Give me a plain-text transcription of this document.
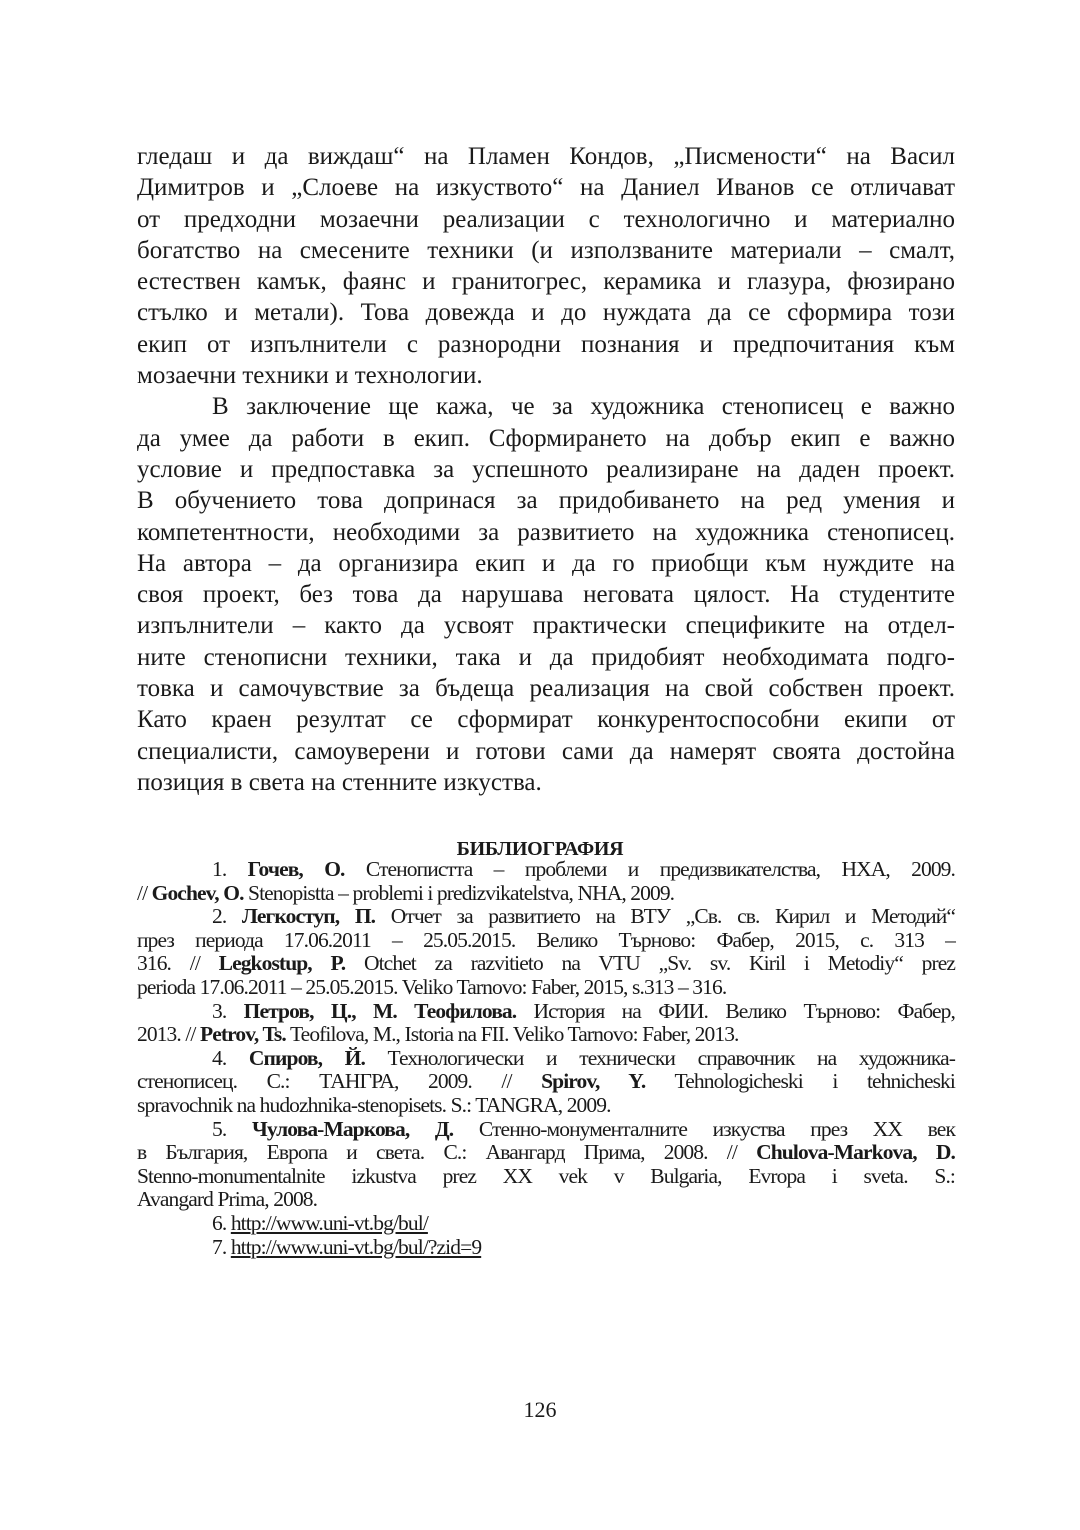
гледаш и да виждаш“ на Пламен Кондов, „Писмености“ на Васил
Димитров и „Слоеве на изкуството“ на Даниел Иванов се отличават
от предходни мозаечни реализации с технологично и материално
богатство на смесените техники (и използваните материали – смалт,
естествен камък, фаянс и гранитогрес, керамика и глазура, фюзирано
стълко и метали). Това довежда и до нуждата да се сформира този
екип от изпълнители с разнородни познания и предпочитания към
мозаечни техники и технологии.
В заключение ще кажа, че за художника стенописец е важно
да умее да работи в екип. Сформирането на добър екип е важно
условие и предпоставка за успешното реализиране на даден проект.
В обучението това допринася за придобиването на ред умения и
компетентности, необходими за развитието на художника стенописец.
На автора – да организира екип и да го приобщи към нуждите на
своя проект, без това да нарушава неговата цялост. На студентите
изпълнители – както да усвоят практически спецификите на отдел-
ните стенописни техники, така и да придобият необходимата подго-
товка и самочувствие за бъдеща реализация на свой собствен проект.
Като краен резултат се сформират конкурентоспособни екипи от
специалисти, самоуверени и готови сами да намерят своята достойна
позиция в света на стенните изкуства.
БИБЛИОГРАФИЯ
1. Гочев, О. Стенопистта – проблеми и предизвикателства, НХА, 2009.
// Gochev, O. Stenopistta – problemi i predizvikatelstva, NHA, 2009.
2. Легкоступ, П. Отчет за развитието на ВТУ „Св. св. Кирил и Методий“
през периода 17.06.2011 – 25.05.2015. Велико Търново: Фабер, 2015, с. 313 –
316. // Legkostup, P. Otchet za razvitieto na VTU „Sv. sv. Kiril i Metodiy“ prez
perioda 17.06.2011 – 25.05.2015. Veliko Tarnovo: Faber, 2015, s.313 – 316.
3. Петров, Ц., М. Теофилова. История на ФИИ. Велико Търново: Фабер,
2013. // Petrov, Ts. Teofilova, M., Istoria na FII. Veliko Tarnovo: Faber, 2013.
4. Спиров, Й. Технологически и технически справочник на художника-
стенописец. С.: ТАНГРА, 2009. // Spirov, Y. Tehnologicheski i tehnicheski
spravochnik na hudozhnika-stenopisets. S.: TANGRA, 2009.
5. Чулова-Маркова, Д. Стенно-монументалните изкуства през XX век
в България, Европа и света. С.: Авангард Прима, 2008. // Chulova-Markova, D.
Stenno-monumentalnite izkustva prez XX vek v Bulgaria, Evropa i sveta. S.:
Avangard Prima, 2008.
6. http://www.uni-vt.bg/bul/
7. http://www.uni-vt.bg/bul/?zid=9
126
